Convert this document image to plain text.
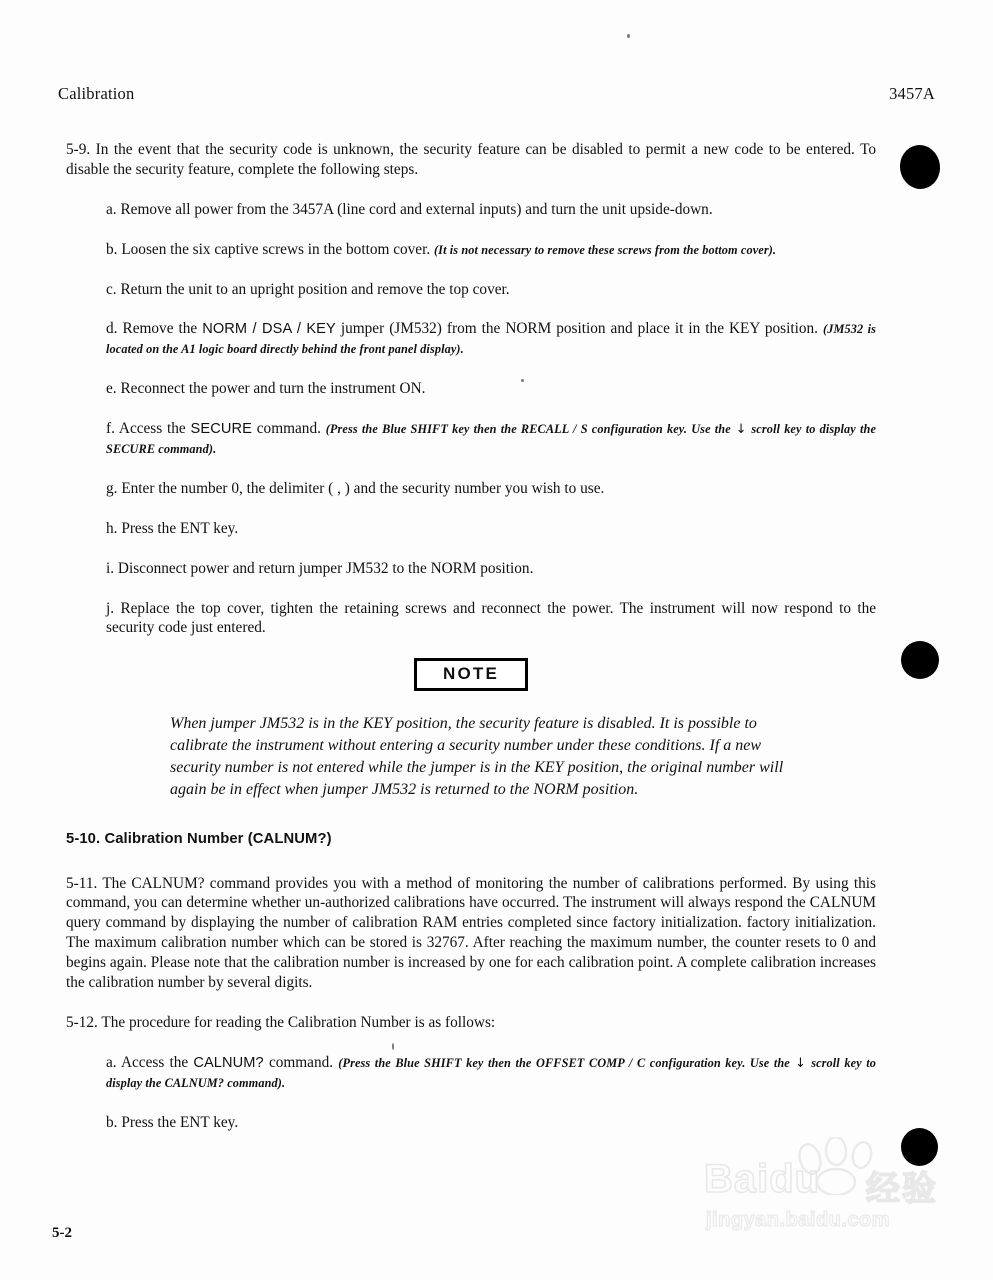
Calibration	3457A

5-9. In the event that the security code is unknown, the security feature can be disabled to permit a new code to be entered. To disable the security feature, complete the following steps.

a. Remove all power from the 3457A (line cord and external inputs) and turn the unit upside-down.

b. Loosen the six captive screws in the bottom cover. (It is not necessary to remove these screws from the bottom cover).

c. Return the unit to an upright position and remove the top cover.

d. Remove the NORM / DSA / KEY jumper (JM532) from the NORM position and place it in the KEY position. (JM532 is located on the A1 logic board directly behind the front panel display).

e. Reconnect the power and turn the instrument ON.

f. Access the SECURE command. (Press the Blue SHIFT key then the RECALL / S configuration key. Use the ↓ scroll key to display the SECURE command).

g. Enter the number 0, the delimiter ( , ) and the security number you wish to use.

h. Press the ENT key.

i. Disconnect power and return jumper JM532 to the NORM position.

j. Replace the top cover, tighten the retaining screws and reconnect the power. The instrument will now respond to the security code just entered.

NOTE

When jumper JM532 is in the KEY position, the security feature is disabled. It is possible to calibrate the instrument without entering a security number under these conditions. If a new security number is not entered while the jumper is in the KEY position, the original number will again be in effect when jumper JM532 is returned to the NORM position.

5-10. Calibration Number (CALNUM?)

5-11. The CALNUM? command provides you with a method of monitoring the number of calibrations performed. By using this command, you can determine whether un-authorized calibrations have occurred. The instrument will always respond the CALNUM query command by displaying the number of calibration RAM entries completed since factory initialization. factory initialization. The maximum calibration number which can be stored is 32767. After reaching the maximum number, the counter resets to 0 and begins again. Please note that the calibration number is increased by one for each calibration point. A complete calibration increases the calibration number by several digits.

5-12. The procedure for reading the Calibration Number is as follows:

a. Access the CALNUM? command. (Press the Blue SHIFT key then the OFFSET COMP / C configuration key. Use the ↓ scroll key to display the CALNUM? command).

b. Press the ENT key.

Baidu 经验
jingyan.baidu.com
5-2
